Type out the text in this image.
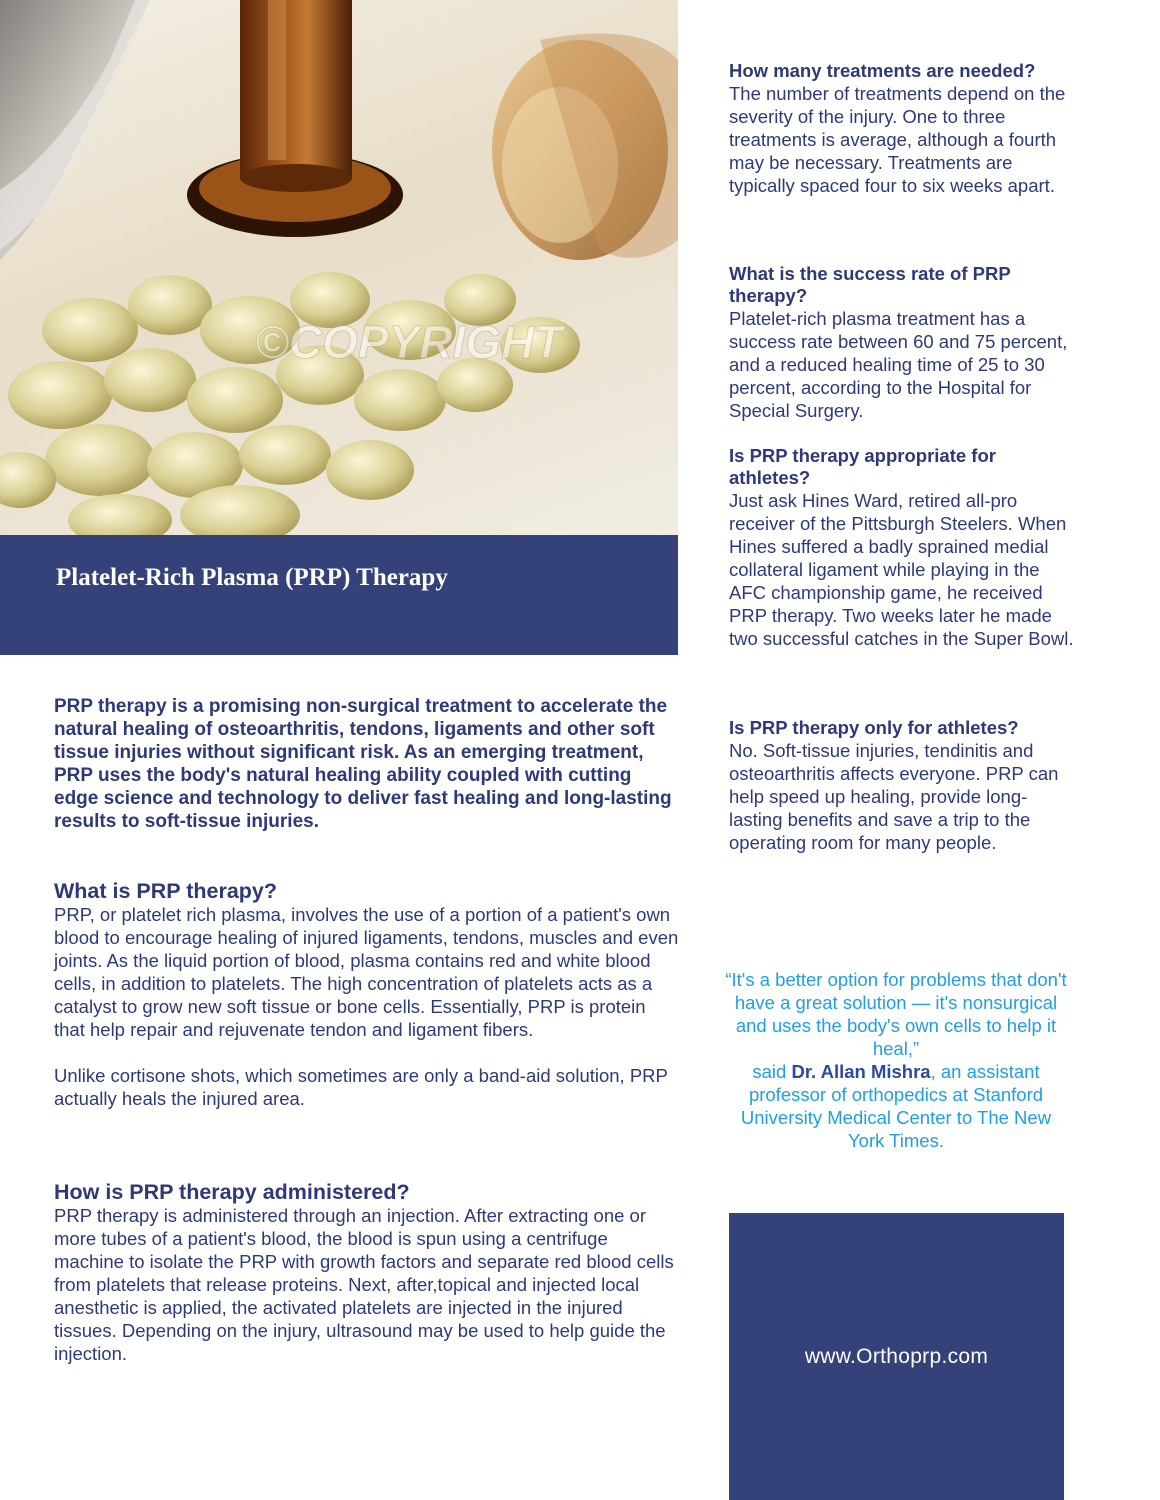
©COPYRIGHT
Platelet-Rich Plasma (PRP) Therapy

PRP therapy is a promising non-surgical treatment to accelerate the natural healing of osteoarthritis, tendons, ligaments and other soft tissue injuries without significant risk. As an emerging treatment, PRP uses the body's natural healing ability coupled with cutting edge science and technology to deliver fast healing and long-lasting results to soft-tissue injuries.

What is PRP therapy?

PRP, or platelet rich plasma, involves the use of a portion of a patient's own blood to encourage healing of injured ligaments, tendons, muscles and even joints. As the liquid portion of blood, plasma contains red and white blood cells, in addition to platelets. The high concentration of platelets acts as a catalyst to grow new soft tissue or bone cells. Essentially, PRP is protein that help repair and rejuvenate tendon and ligament fibers.

Unlike cortisone shots, which sometimes are only a band-aid solution, PRP actually heals the injured area.

How is PRP therapy administered?

PRP therapy is administered through an injection. After extracting one or more tubes of a patient's blood, the blood is spun using a centrifuge machine to isolate the PRP with growth factors and separate red blood cells from platelets that release proteins. Next, after,topical and injected local anesthetic is applied, the activated platelets are injected in the injured tissues. Depending on the injury, ultrasound may be used to help guide the injection.

How many treatments are needed?

The number of treatments depend on the severity of the injury. One to three treatments is average, although a fourth may be necessary. Treatments are typically spaced four to six weeks apart.

What is the success rate of PRP therapy?

Platelet-rich plasma treatment has a success rate between 60 and 75 percent, and a reduced healing time of 25 to 30 percent, according to the Hospital for Special Surgery.

Is PRP therapy appropriate for athletes?

Just ask Hines Ward, retired all-pro receiver of the Pittsburgh Steelers. When Hines suffered a badly sprained medial collateral ligament while playing in the AFC championship game, he received PRP therapy. Two weeks later he made two successful catches in the Super Bowl.

Is PRP therapy only for athletes?

No. Soft-tissue injuries, tendinitis and osteoarthritis affects everyone. PRP can help speed up healing, provide long-lasting benefits and save a trip to the operating room for many people.

“It's a better option for problems that don't have a great solution — it's nonsurgical and uses the body's own cells to help it heal,”
said Dr. Allan Mishra, an assistant professor of orthopedics at Stanford University Medical Center to The New York Times.

www.Orthoprp.com
